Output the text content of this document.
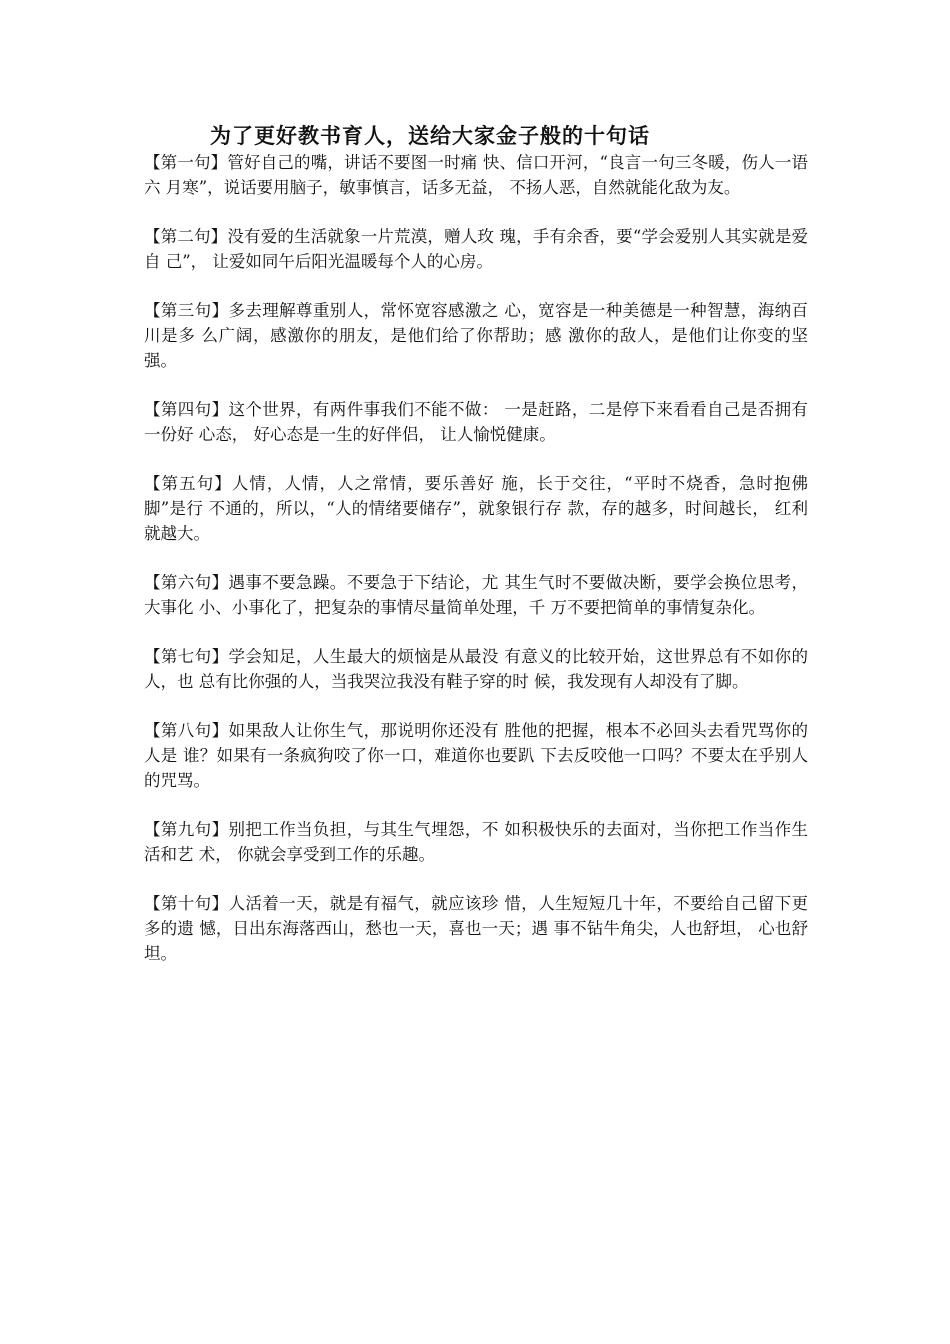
为了更好教书育人，送给大家金子般的十句话

【第一句】管好自己的嘴，讲话不要图一时痛 快、信口开河，“良言一句三冬暖，伤人一语六 月寒”，说话要用脑子，敏事慎言，话多无益， 不扬人恶，自然就能化敌为友。

【第二句】没有爱的生活就象一片荒漠，赠人玫 瑰，手有余香，要“学会爱别人其实就是爱自 己”， 让爱如同午后阳光温暖每个人的心房。

【第三句】多去理解尊重别人，常怀宽容感激之 心，宽容是一种美德是一种智慧，海纳百川是多 么广阔，感激你的朋友，是他们给了你帮助；感 激你的敌人，是他们让你变的坚强。

【第四句】这个世界，有两件事我们不能不做： 一是赶路，二是停下来看看自己是否拥有一份好 心态， 好心态是一生的好伴侣， 让人愉悦健康。

【第五句】人情，人情，人之常情，要乐善好 施，长于交往，“平时不烧香，急时抱佛脚”是行 不通的，所以，“人的情绪要储存”，就象银行存 款，存的越多，时间越长， 红利就越大。

【第六句】遇事不要急躁。不要急于下结论，尤 其生气时不要做决断，要学会换位思考，大事化 小、小事化了，把复杂的事情尽量简单处理，千 万不要把简单的事情复杂化。

【第七句】学会知足，人生最大的烦恼是从最没 有意义的比较开始，这世界总有不如你的人，也 总有比你强的人，当我哭泣我没有鞋子穿的时 候，我发现有人却没有了脚。

【第八句】如果敌人让你生气，那说明你还没有 胜他的把握，根本不必回头去看咒骂你的人是 谁？如果有一条疯狗咬了你一口，难道你也要趴 下去反咬他一口吗？不要太在乎别人的咒骂。

【第九句】别把工作当负担，与其生气埋怨，不 如积极快乐的去面对，当你把工作当作生活和艺 术， 你就会享受到工作的乐趣。

【第十句】人活着一天，就是有福气，就应该珍 惜，人生短短几十年，不要给自己留下更多的遗 憾，日出东海落西山，愁也一天，喜也一天；遇 事不钻牛角尖，人也舒坦， 心也舒坦。
